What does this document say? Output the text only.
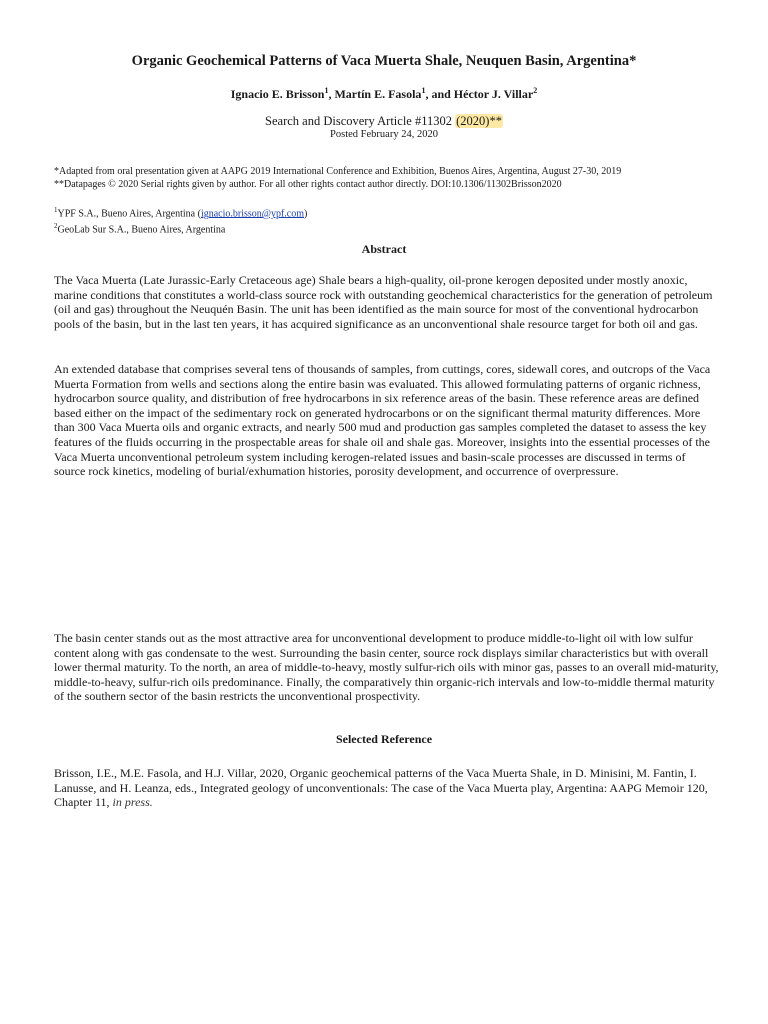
Organic Geochemical Patterns of Vaca Muerta Shale, Neuquen Basin, Argentina*
Ignacio E. Brisson$^1$, Martín E. Fasola$^1$, and Héctor J. Villar$^2$
Search and Discovery Article #11302 (2020)**
Posted February 24, 2020
*Adapted from oral presentation given at AAPG 2019 International Conference and Exhibition, Buenos Aires, Argentina, August 27-30, 2019
**Datapages © 2020 Serial rights given by author. For all other rights contact author directly. DOI:10.1306/11302Brisson2020
$^1$YPF S.A., Bueno Aires, Argentina (ignacio.brisson@ypf.com)
$^2$GeoLab Sur S.A., Bueno Aires, Argentina
Abstract

The Vaca Muerta (Late Jurassic-Early Cretaceous age) Shale bears a high-quality, oil-prone kerogen deposited under mostly anoxic, marine conditions that constitutes a world-class source rock with outstanding geochemical characteristics for the generation of petroleum (oil and gas) throughout the Neuquén Basin. The unit has been identified as the main source for most of the conventional hydrocarbon pools of the basin, but in the last ten years, it has acquired significance as an unconventional shale resource target for both oil and gas.

An extended database that comprises several tens of thousands of samples, from cuttings, cores, sidewall cores, and outcrops of the Vaca Muerta Formation from wells and sections along the entire basin was evaluated. This allowed formulating patterns of organic richness, hydrocarbon source quality, and distribution of free hydrocarbons in six reference areas of the basin. These reference areas are defined based either on the impact of the sedimentary rock on generated hydrocarbons or on the significant thermal maturity differences. More than 300 Vaca Muerta oils and organic extracts, and nearly 500 mud and production gas samples completed the dataset to assess the key features of the fluids occurring in the prospectable areas for shale oil and shale gas. Moreover, insights into the essential processes of the Vaca Muerta unconventional petroleum system including kerogen-related issues and basin-scale processes are discussed in terms of source rock kinetics, modeling of burial/exhumation histories, porosity development, and occurrence of overpressure.

The basin center stands out as the most attractive area for unconventional development to produce middle-to-light oil with low sulfur content along with gas condensate to the west. Surrounding the basin center, source rock displays similar characteristics but with overall lower thermal maturity. To the north, an area of middle-to-heavy, mostly sulfur-rich oils with minor gas, passes to an overall mid-maturity, middle-to-heavy, sulfur-rich oils predominance. Finally, the comparatively thin organic-rich intervals and low-to-middle thermal maturity of the southern sector of the basin restricts the unconventional prospectivity.

Selected Reference

Brisson, I.E., M.E. Fasola, and H.J. Villar, 2020, Organic geochemical patterns of the Vaca Muerta Shale, in D. Minisini, M. Fantin, I. Lanusse, and H. Leanza, eds., Integrated geology of unconventionals: The case of the Vaca Muerta play, Argentina: AAPG Memoir 120, Chapter 11, in press.
